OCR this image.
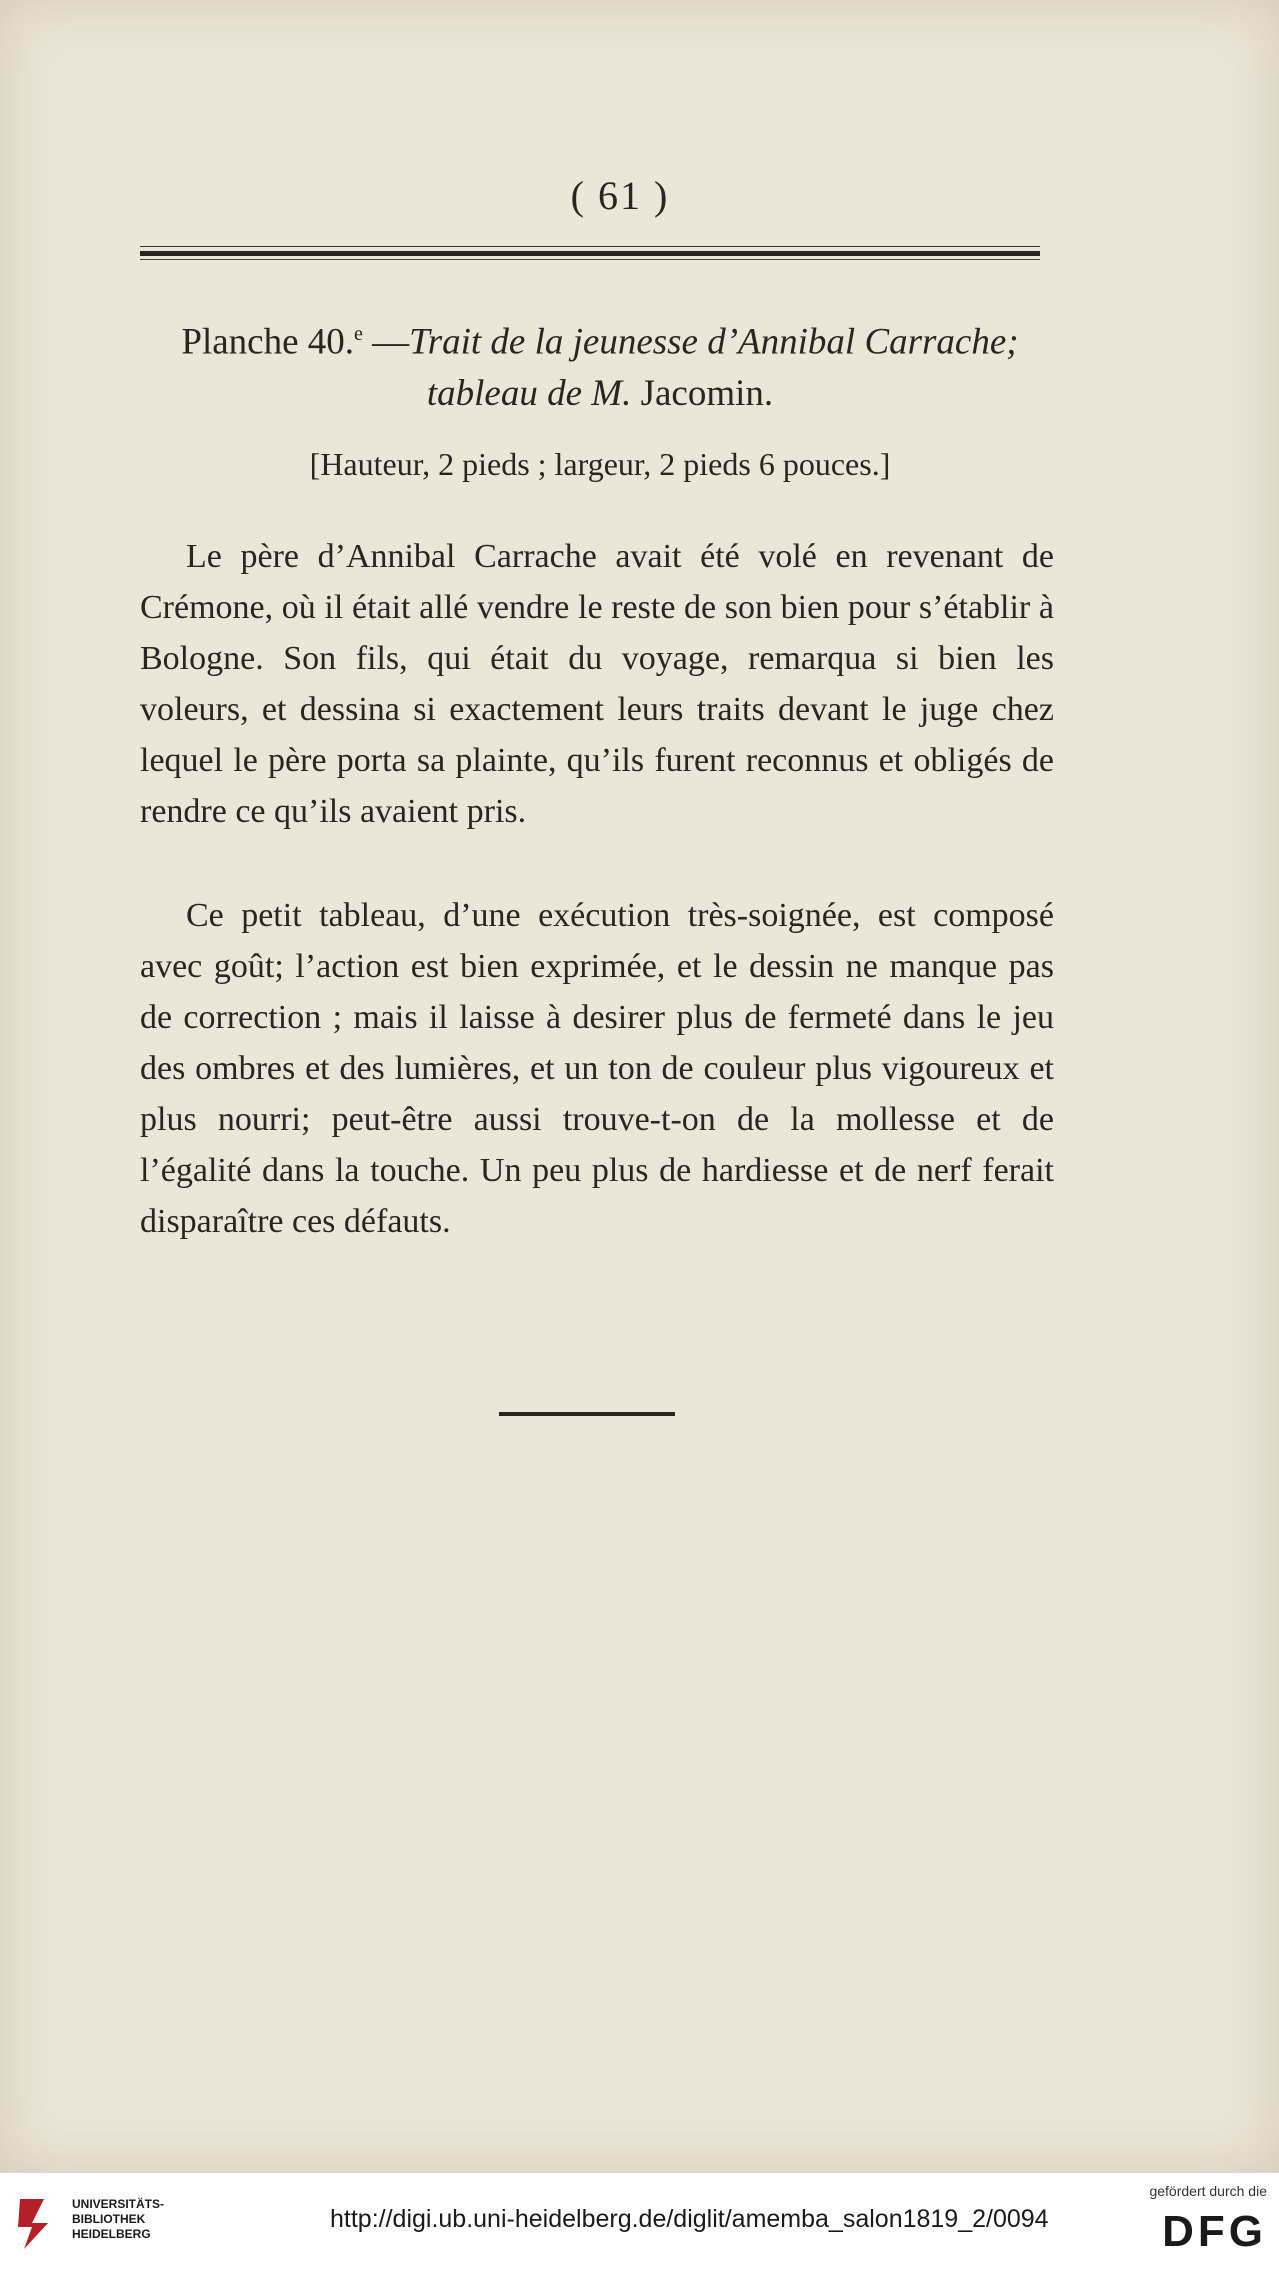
( 61 )
Planche 40.$^e$ —Trait de la jeunesse d’Annibal Carrache;
tableau de M. Jacomin.
[Hauteur, 2 pieds ; largeur, 2 pieds 6 pouces.]

Le père d’Annibal Carrache avait été volé en revenant de Crémone, où il était allé vendre le reste de son bien pour s’établir à Bologne. Son fils, qui était du voyage, remarqua si bien les voleurs, et dessina si exactement leurs traits devant le juge chez lequel le père porta sa plainte, qu’ils furent reconnus et obligés de rendre ce qu’ils avaient pris.

Ce petit tableau, d’une exécution très-soignée, est composé avec goût; l’action est bien exprimée, et le dessin ne manque pas de correction ; mais il laisse à desirer plus de fermeté dans le jeu des ombres et des lumières, et un ton de couleur plus vigoureux et plus nourri; peut-être aussi trouve-t-on de la mollesse et de l’égalité dans la touche. Un peu plus de hardiesse et de nerf ferait disparaître ces défauts.

UNIVERSITÄTS-
BIBLIOTHEK
HEIDELBERG
http://digi.ub.uni-heidelberg.de/diglit/amemba_salon1819_2/0094
gefördert durch die
DFG
